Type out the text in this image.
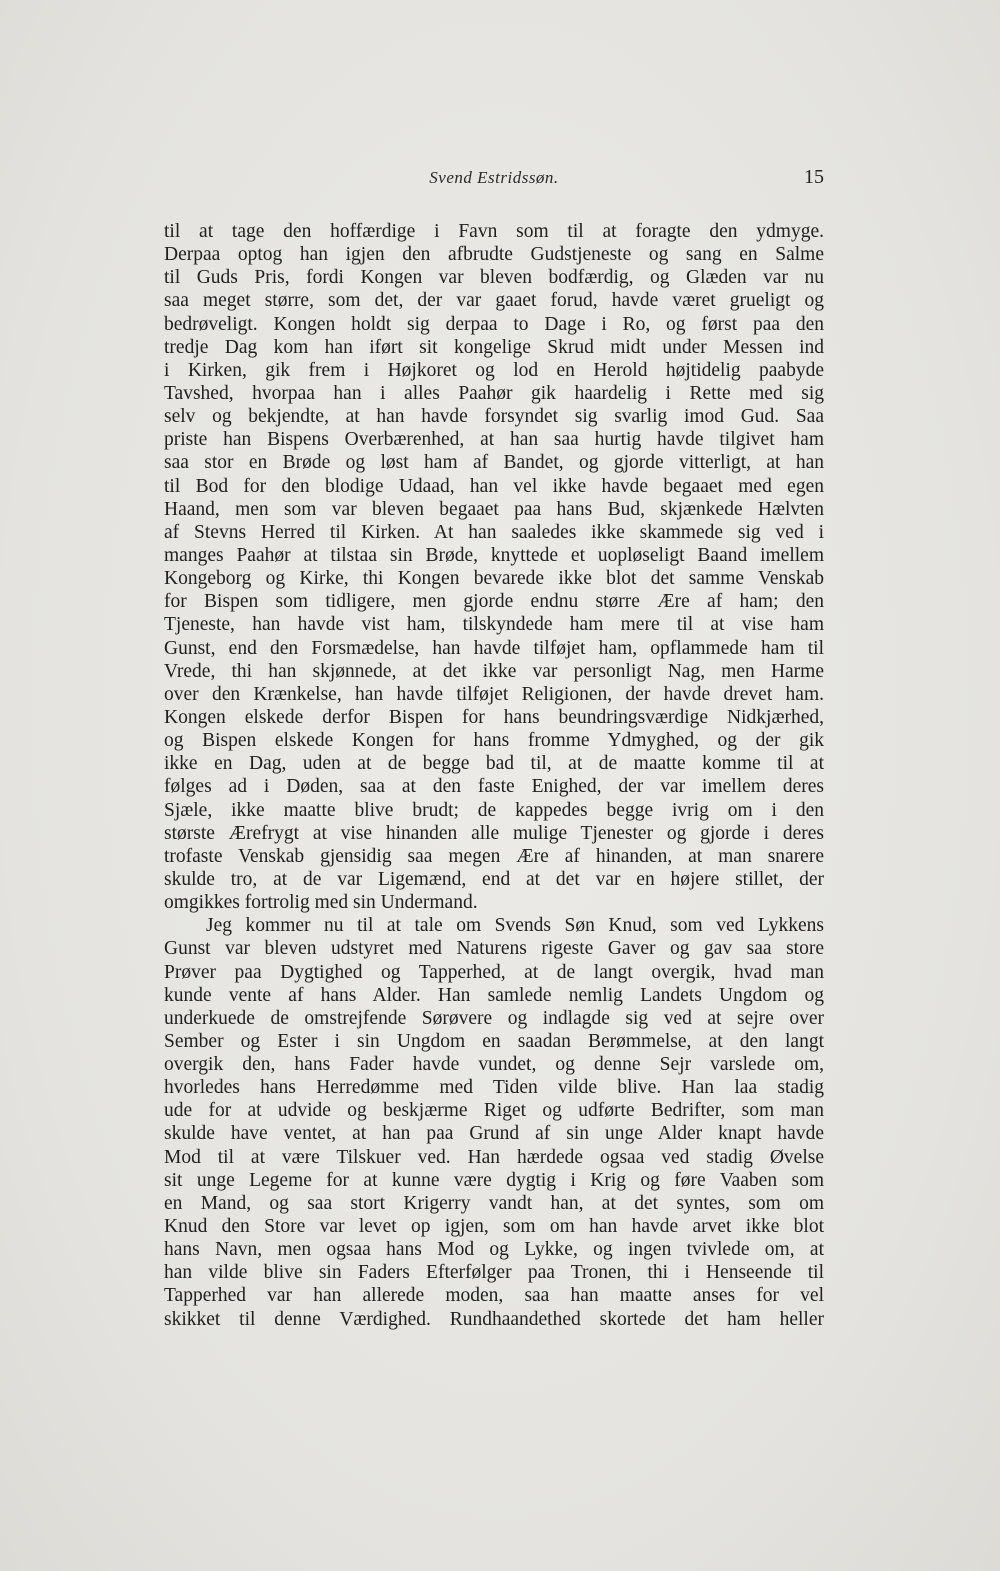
Svend Estridssøn.	15
til at tage den hoffærdige i Favn som til at foragte den ydmyge.
Derpaa optog han igjen den afbrudte Gudstjeneste og sang en Salme
til Guds Pris, fordi Kongen var bleven bodfærdig, og Glæden var nu
saa meget større, som det, der var gaaet forud, havde været grueligt og
bedrøveligt. Kongen holdt sig derpaa to Dage i Ro, og først paa den
tredje Dag kom han iført sit kongelige Skrud midt under Messen ind
i Kirken, gik frem i Højkoret og lod en Herold højtidelig paabyde
Tavshed, hvorpaa han i alles Paahør gik haardelig i Rette med sig
selv og bekjendte, at han havde forsyndet sig svarlig imod Gud. Saa
priste han Bispens Overbærenhed, at han saa hurtig havde tilgivet ham
saa stor en Brøde og løst ham af Bandet, og gjorde vitterligt, at han
til Bod for den blodige Udaad, han vel ikke havde begaaet med egen
Haand, men som var bleven begaaet paa hans Bud, skjænkede Hælvten
af Stevns Herred til Kirken. At han saaledes ikke skammede sig ved i
manges Paahør at tilstaa sin Brøde, knyttede et uopløseligt Baand imellem
Kongeborg og Kirke, thi Kongen bevarede ikke blot det samme Venskab
for Bispen som tidligere, men gjorde endnu større Ære af ham; den
Tjeneste, han havde vist ham, tilskyndede ham mere til at vise ham
Gunst, end den Forsmædelse, han havde tilføjet ham, opflammede ham til
Vrede, thi han skjønnede, at det ikke var personligt Nag, men Harme
over den Krænkelse, han havde tilføjet Religionen, der havde drevet ham.
Kongen elskede derfor Bispen for hans beundringsværdige Nidkjærhed,
og Bispen elskede Kongen for hans fromme Ydmyghed, og der gik
ikke en Dag, uden at de begge bad til, at de maatte komme til at
følges ad i Døden, saa at den faste Enighed, der var imellem deres
Sjæle, ikke maatte blive brudt; de kappedes begge ivrig om i den
største Ærefrygt at vise hinanden alle mulige Tjenester og gjorde i deres
trofaste Venskab gjensidig saa megen Ære af hinanden, at man snarere
skulde tro, at de var Ligemænd, end at det var en højere stillet, der
omgikkes fortrolig med sin Undermand.
Jeg kommer nu til at tale om Svends Søn Knud, som ved Lykkens
Gunst var bleven udstyret med Naturens rigeste Gaver og gav saa store
Prøver paa Dygtighed og Tapperhed, at de langt overgik, hvad man
kunde vente af hans Alder. Han samlede nemlig Landets Ungdom og
underkuede de omstrejfende Sørøvere og indlagde sig ved at sejre over
Sember og Ester i sin Ungdom en saadan Berømmelse, at den langt
overgik den, hans Fader havde vundet, og denne Sejr varslede om,
hvorledes hans Herredømme med Tiden vilde blive. Han laa stadig
ude for at udvide og beskjærme Riget og udførte Bedrifter, som man
skulde have ventet, at han paa Grund af sin unge Alder knapt havde
Mod til at være Tilskuer ved. Han hærdede ogsaa ved stadig Øvelse
sit unge Legeme for at kunne være dygtig i Krig og føre Vaaben som
en Mand, og saa stort Krigerry vandt han, at det syntes, som om
Knud den Store var levet op igjen, som om han havde arvet ikke blot
hans Navn, men ogsaa hans Mod og Lykke, og ingen tvivlede om, at
han vilde blive sin Faders Efterfølger paa Tronen, thi i Henseende til
Tapperhed var han allerede moden, saa han maatte anses for vel
skikket til denne Værdighed. Rundhaandethed skortede det ham heller
